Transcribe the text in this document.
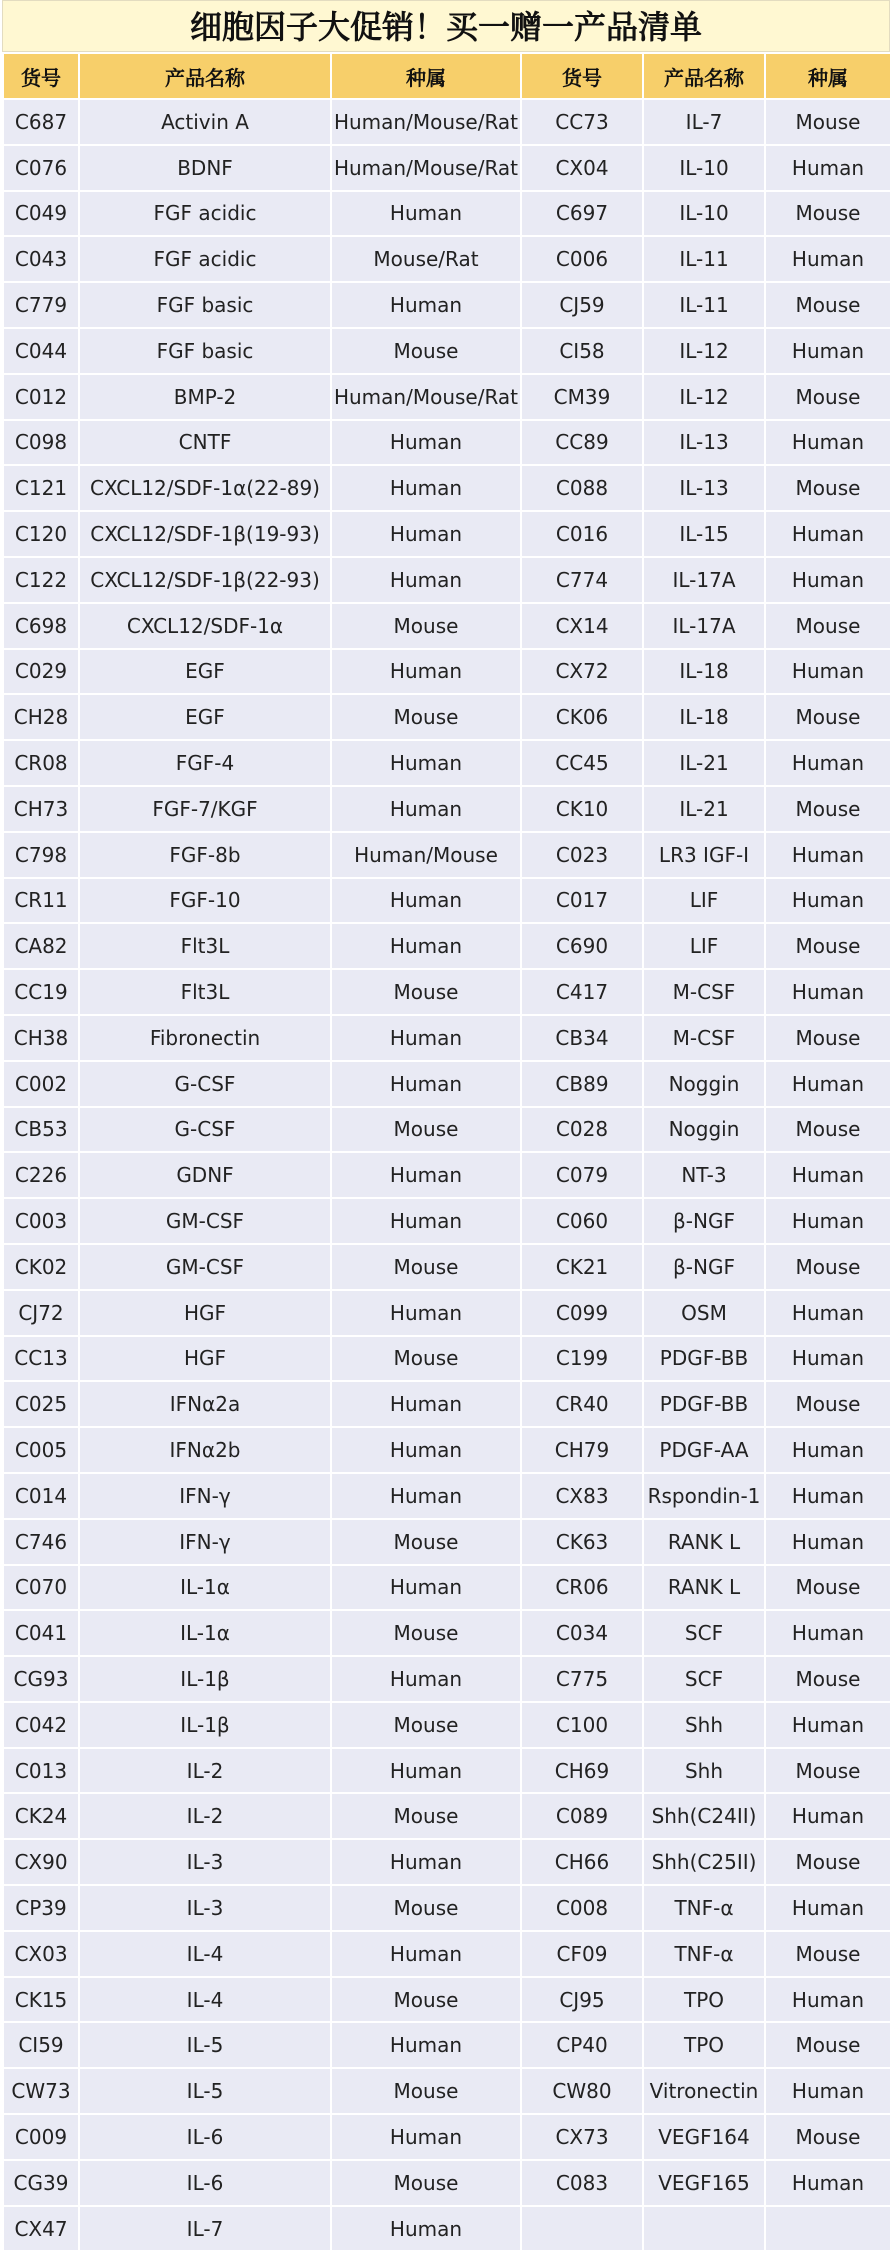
细胞因子大促销！买一赠一产品清单
货号	产品名称	种属	货号	产品名称	种属
C687	Activin A	Human/Mouse/Rat	CC73	IL-7	Mouse
C076	BDNF	Human/Mouse/Rat	CX04	IL-10	Human
C049	FGF acidic	Human	C697	IL-10	Mouse
C043	FGF acidic	Mouse/Rat	C006	IL-11	Human
C779	FGF basic	Human	CJ59	IL-11	Mouse
C044	FGF basic	Mouse	CI58	IL-12	Human
C012	BMP-2	Human/Mouse/Rat	CM39	IL-12	Mouse
C098	CNTF	Human	CC89	IL-13	Human
C121	CXCL12/SDF-1α(22-89)	Human	C088	IL-13	Mouse
C120	CXCL12/SDF-1β(19-93)	Human	C016	IL-15	Human
C122	CXCL12/SDF-1β(22-93)	Human	C774	IL-17A	Human
C698	CXCL12/SDF-1α	Mouse	CX14	IL-17A	Mouse
C029	EGF	Human	CX72	IL-18	Human
CH28	EGF	Mouse	CK06	IL-18	Mouse
CR08	FGF-4	Human	CC45	IL-21	Human
CH73	FGF-7/KGF	Human	CK10	IL-21	Mouse
C798	FGF-8b	Human/Mouse	C023	LR3 IGF-I	Human
CR11	FGF-10	Human	C017	LIF	Human
CA82	Flt3L	Human	C690	LIF	Mouse
CC19	Flt3L	Mouse	C417	M-CSF	Human
CH38	Fibronectin	Human	CB34	M-CSF	Mouse
C002	G-CSF	Human	CB89	Noggin	Human
CB53	G-CSF	Mouse	C028	Noggin	Mouse
C226	GDNF	Human	C079	NT-3	Human
C003	GM-CSF	Human	C060	β-NGF	Human
CK02	GM-CSF	Mouse	CK21	β-NGF	Mouse
CJ72	HGF	Human	C099	OSM	Human
CC13	HGF	Mouse	C199	PDGF-BB	Human
C025	IFNα2a	Human	CR40	PDGF-BB	Mouse
C005	IFNα2b	Human	CH79	PDGF-AA	Human
C014	IFN-γ	Human	CX83	Rspondin-1	Human
C746	IFN-γ	Mouse	CK63	RANK L	Human
C070	IL-1α	Human	CR06	RANK L	Mouse
C041	IL-1α	Mouse	C034	SCF	Human
CG93	IL-1β	Human	C775	SCF	Mouse
C042	IL-1β	Mouse	C100	Shh	Human
C013	IL-2	Human	CH69	Shh	Mouse
CK24	IL-2	Mouse	C089	Shh(C24II)	Human
CX90	IL-3	Human	CH66	Shh(C25II)	Mouse
CP39	IL-3	Mouse	C008	TNF-α	Human
CX03	IL-4	Human	CF09	TNF-α	Mouse
CK15	IL-4	Mouse	CJ95	TPO	Human
CI59	IL-5	Human	CP40	TPO	Mouse
CW73	IL-5	Mouse	CW80	Vitronectin	Human
C009	IL-6	Human	CX73	VEGF164	Mouse
CG39	IL-6	Mouse	C083	VEGF165	Human
CX47	IL-7	Human			
